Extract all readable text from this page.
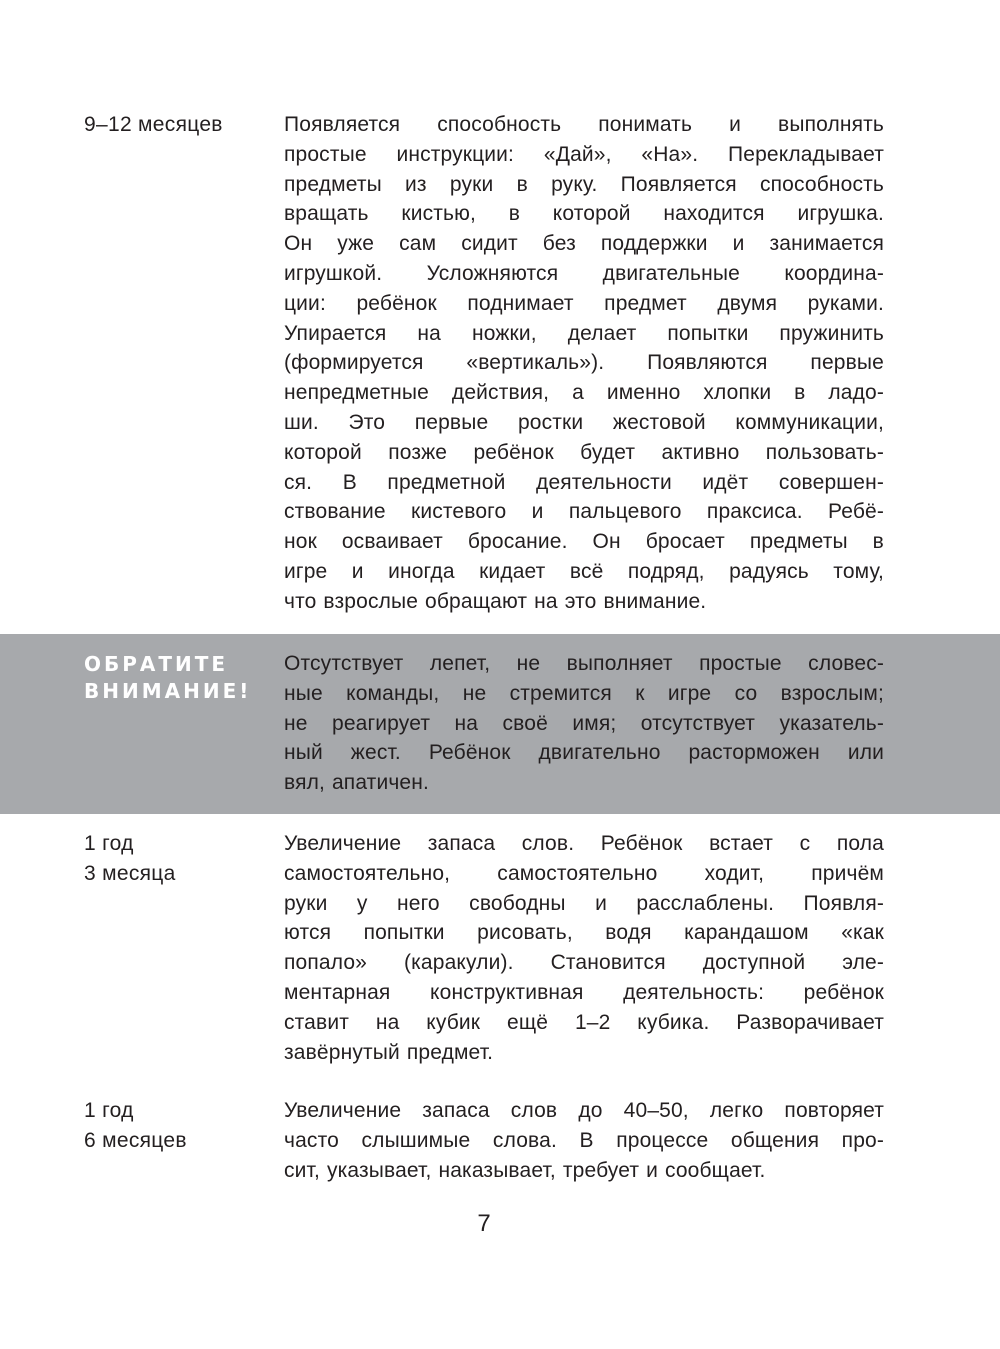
9–12 месяцев	Появляется способность понимать и выполнять
простые инструкции: «Дай», «На». Перекладывает
предметы из руки в руку. Появляется способность
вращать кистью, в которой находится игрушка.
Он уже сам сидит без поддержки и занимается
игрушкой. Усложняются двигательные координа-
ции: ребёнок поднимает предмет двумя руками.
Упирается на ножки, делает попытки пружинить
(формируется «вертикаль»). Появляются первые
непредметные действия, а именно хлопки в ладо-
ши. Это первые ростки жестовой коммуникации,
которой позже ребёнок будет активно пользовать-
ся. В предметной деятельности идёт совершен-
ствование кистевого и пальцевого праксиса. Ребё-
нок осваивает бросание. Он бросает предметы в
игре и иногда кидает всё подряд, радуясь тому,
что взрослые обращают на это внимание.
ОБРАТИТЕ
ВНИМАНИЕ!
Отсутствует лепет, не выполняет простые словес-
ные команды, не стремится к игре со взрослым;
не реагирует на своё имя; отсутствует указатель-
ный жест. Ребёнок двигательно расторможен или
вял, апатичен.
1 год
3 месяца
Увеличение запаса слов. Ребёнок встает с пола
самостоятельно, самостоятельно ходит, причём
руки у него свободны и расслаблены. Появля-
ются попытки рисовать, водя карандашом «как
попало» (каракули). Становится доступной эле-
ментарная конструктивная деятельность: ребёнок
ставит на кубик ещё 1–2 кубика. Разворачивает
завёрнутый предмет.
1 год
6 месяцев
Увеличение запаса слов до 40–50, легко повторяет
часто слышимые слова. В процессе общения про-
сит, указывает, наказывает, требует и сообщает.
7
